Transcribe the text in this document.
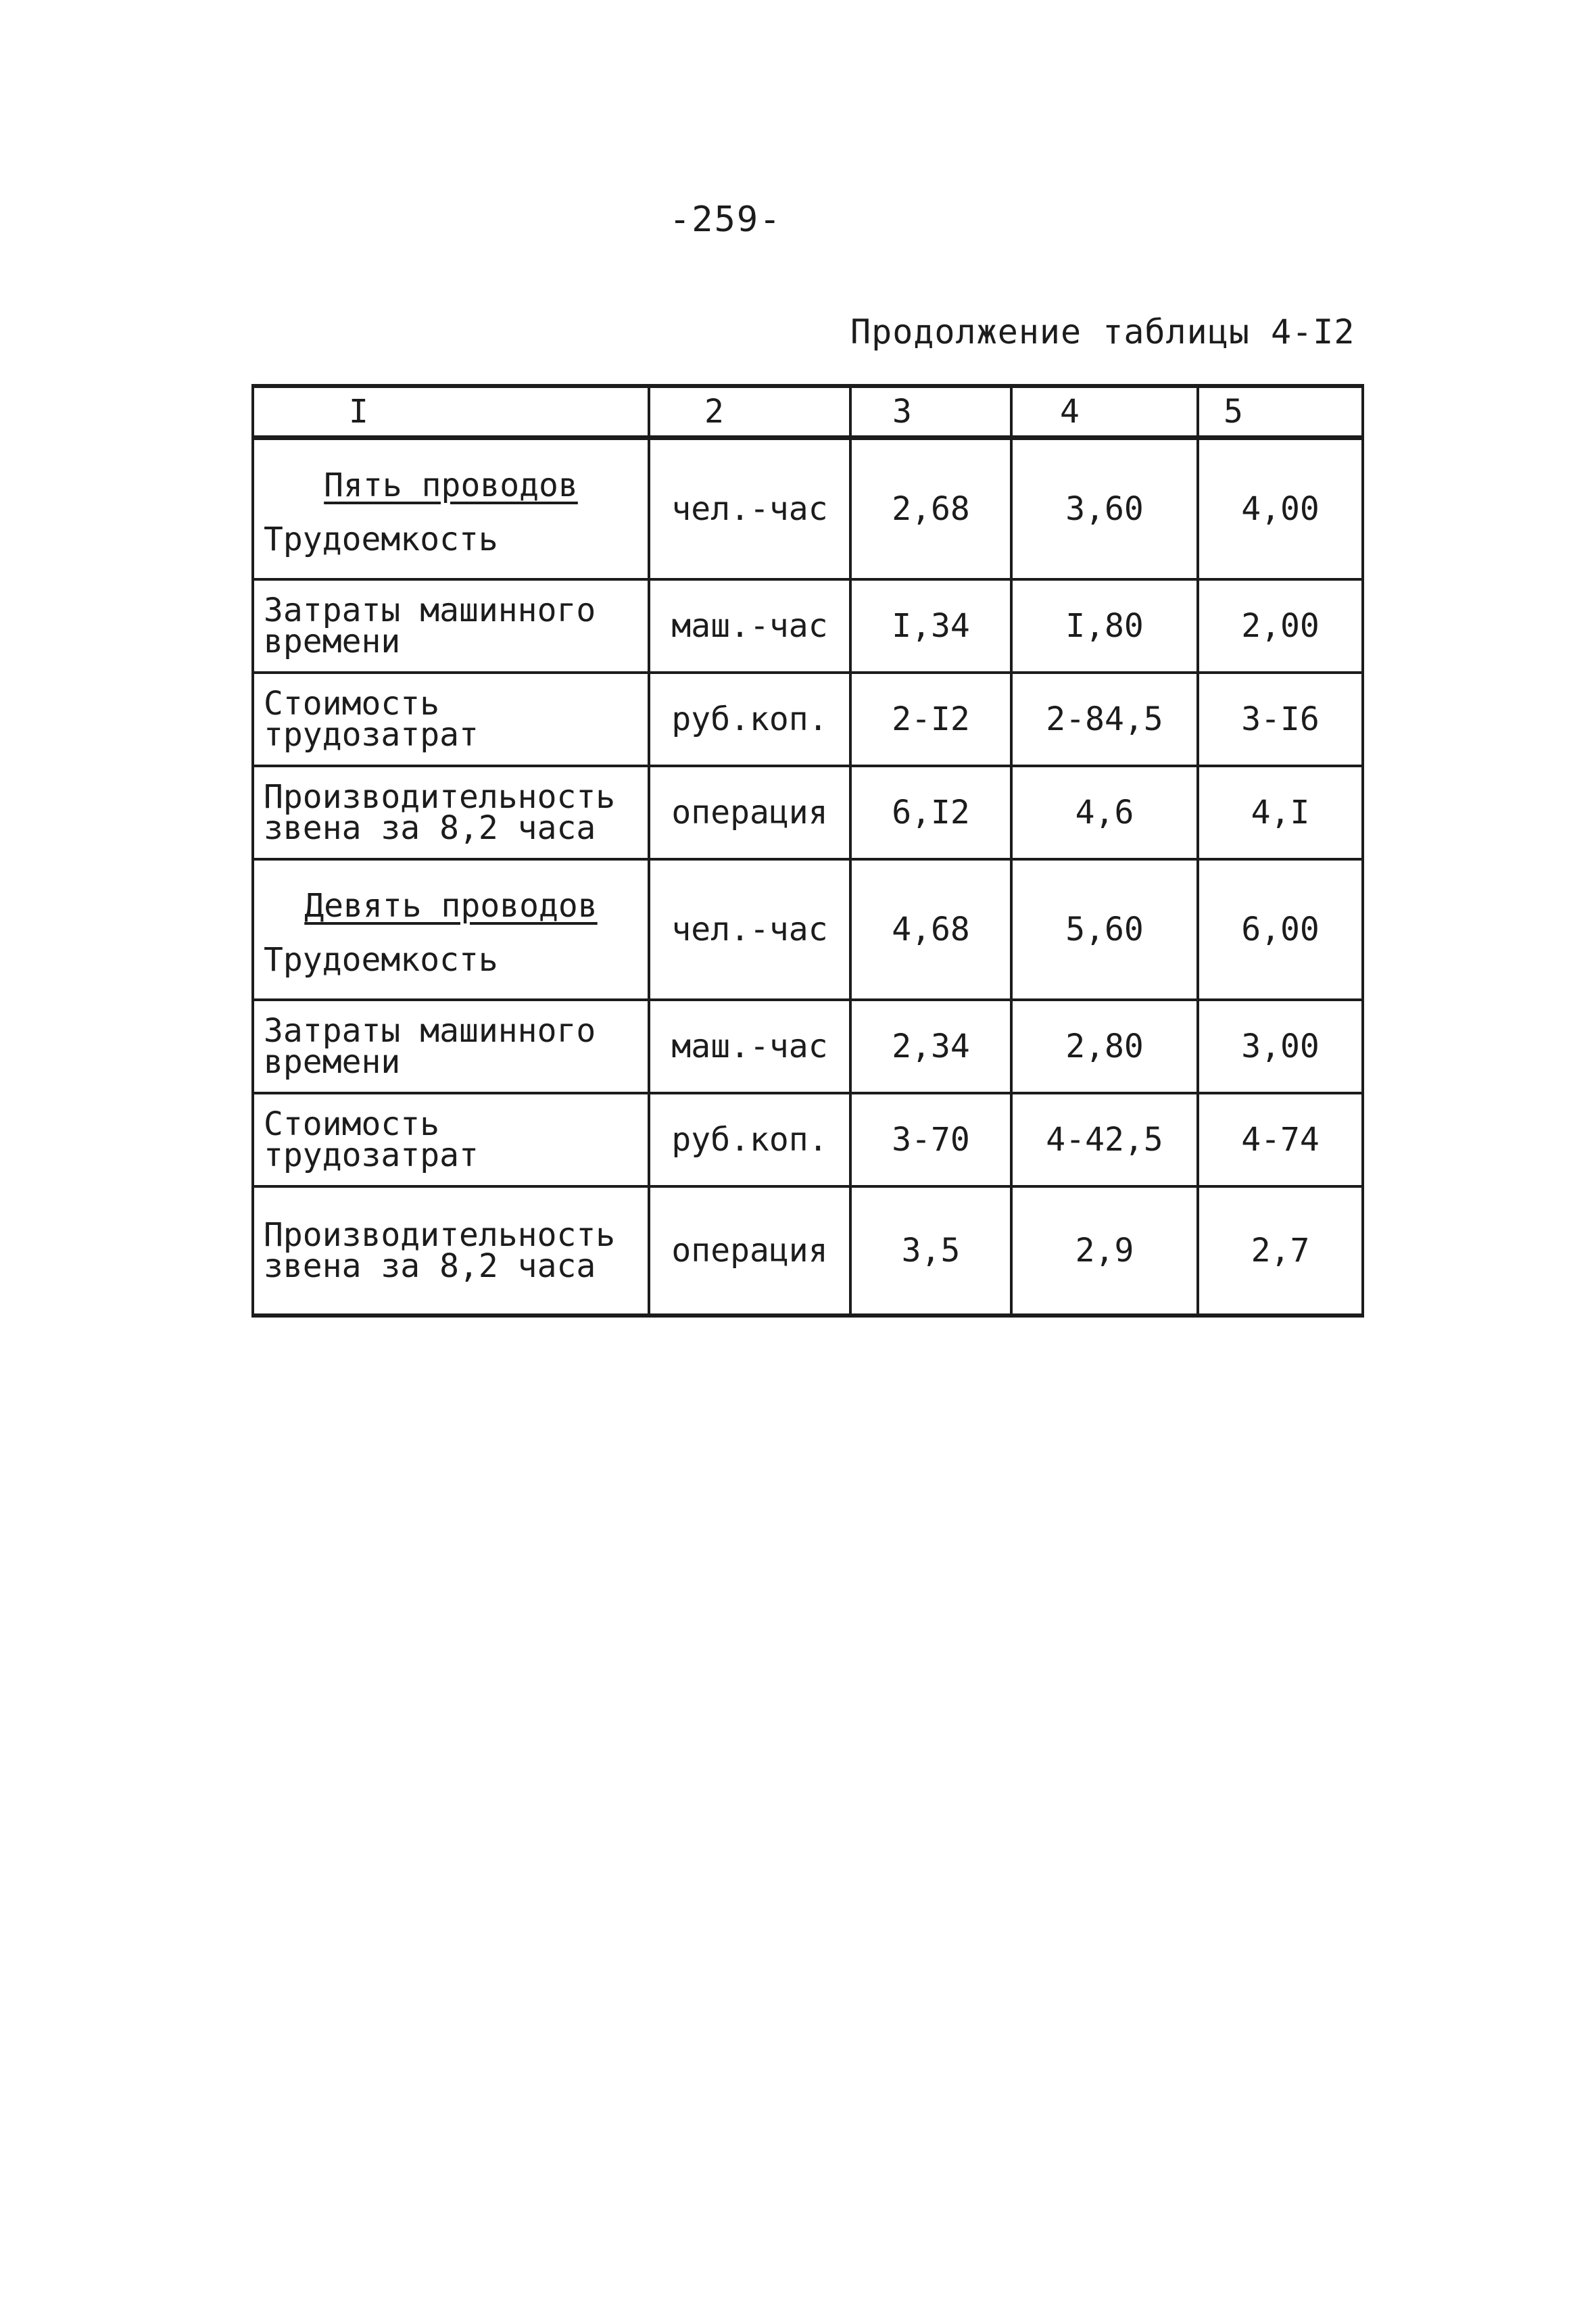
-259-
Продолжение таблицы 4-I2
I	2	3	4	5

Пять проводов
Трудоемкость	чел.-час	2,68	3,60	4,00
Затраты машинного времени	маш.-час	I,34	I,80	2,00
Стоимость трудозатрат	руб.коп.	2-I2	2-84,5	3-I6
Производительность звена за 8,2 часа	операция	6,I2	4,6	4,I

Девять проводов
Трудоемкость	чел.-час	4,68	5,60	6,00
Затраты машинного времени	маш.-час	2,34	2,80	3,00
Стоимость трудозатрат	руб.коп.	3-70	4-42,5	4-74
Производительность звена за 8,2 часа	операция	3,5	2,9	2,7
